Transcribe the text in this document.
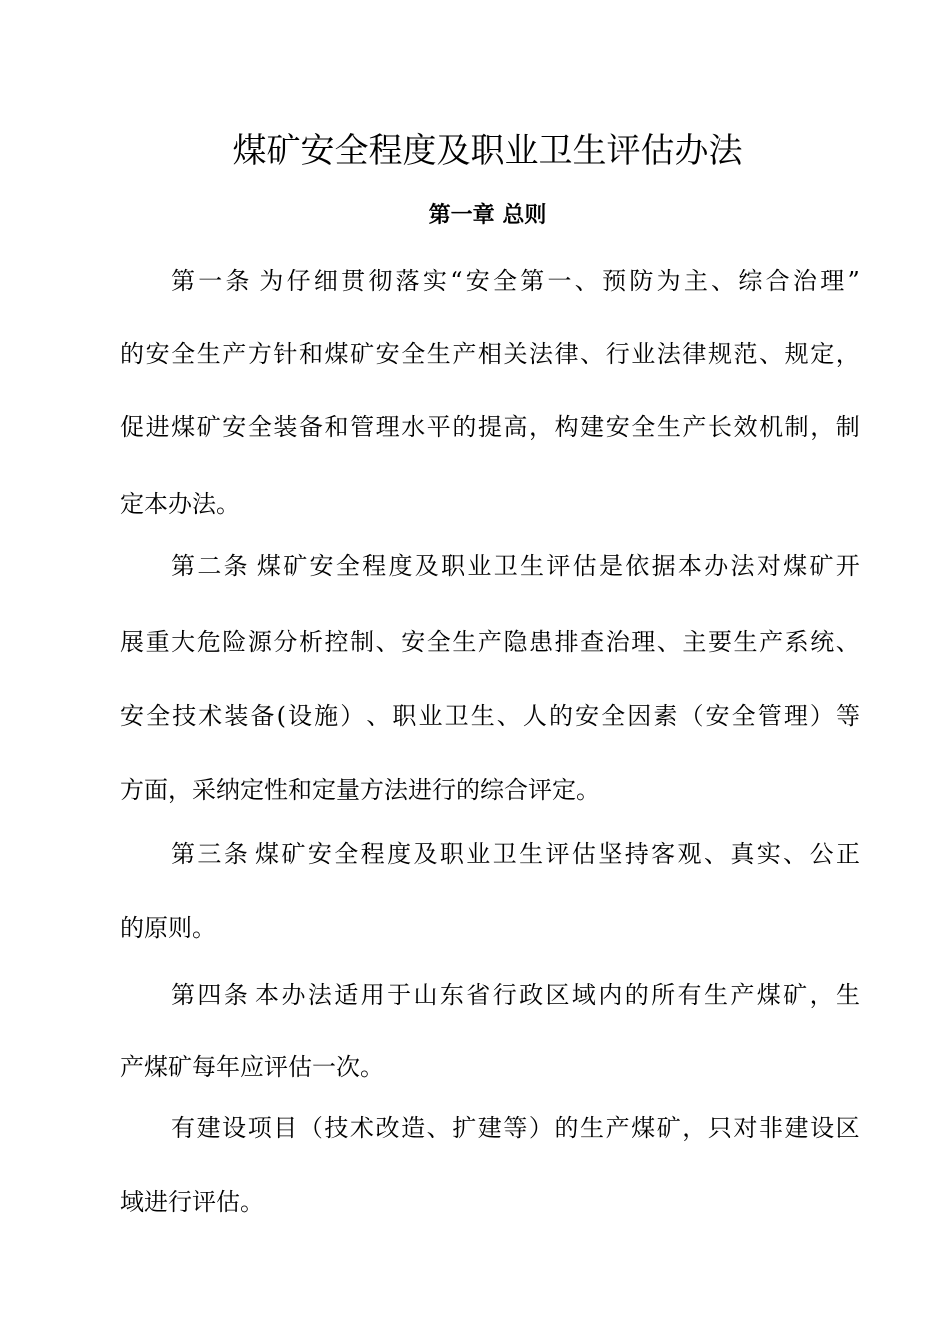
煤矿安全程度及职业卫生评估办法
第一章 总则

第 一 条 为 仔 细 贯 彻 落 实 “ 安 全 第 一 、 预 防 为 主 、 综 合 治 理 ”

的 安 全 生 产 方 针 和 煤 矿 安 全 生 产 相 关 法 律 、 行 业 法 律 规 范 、 规 定 ，

促 进 煤 矿 安 全 装 备 和 管 理 水 平 的 提 高 ， 构 建 安 全 生 产 长 效 机 制 ， 制

定本办法。

第 二 条 煤 矿 安 全 程 度 及 职 业 卫 生 评 估 是 依 据 本 办 法 对 煤 矿 开

展 重 大 危 险 源 分 析 控 制 、 安 全 生 产 隐 患 排 查 治 理 、 主 要 生 产 系 统 、

安 全 技 术 装 备 ( 设 施 ） 、 职 业 卫 生 、 人 的 安 全 因 素 （ 安 全 管 理 ） 等

方面，采纳定性和定量方法进行的综合评定。

第 三 条 煤 矿 安 全 程 度 及 职 业 卫 生 评 估 坚 持 客 观 、 真 实 、 公 正

的原则。

第 四 条 本 办 法 适 用 于 山 东 省 行 政 区 域 内 的 所 有 生 产 煤 矿 ， 生

产煤矿每年应评估一次。

有 建 设 项 目 （ 技 术 改 造 、 扩 建 等 ） 的 生 产 煤 矿 ， 只 对 非 建 设 区

域进行评估。
